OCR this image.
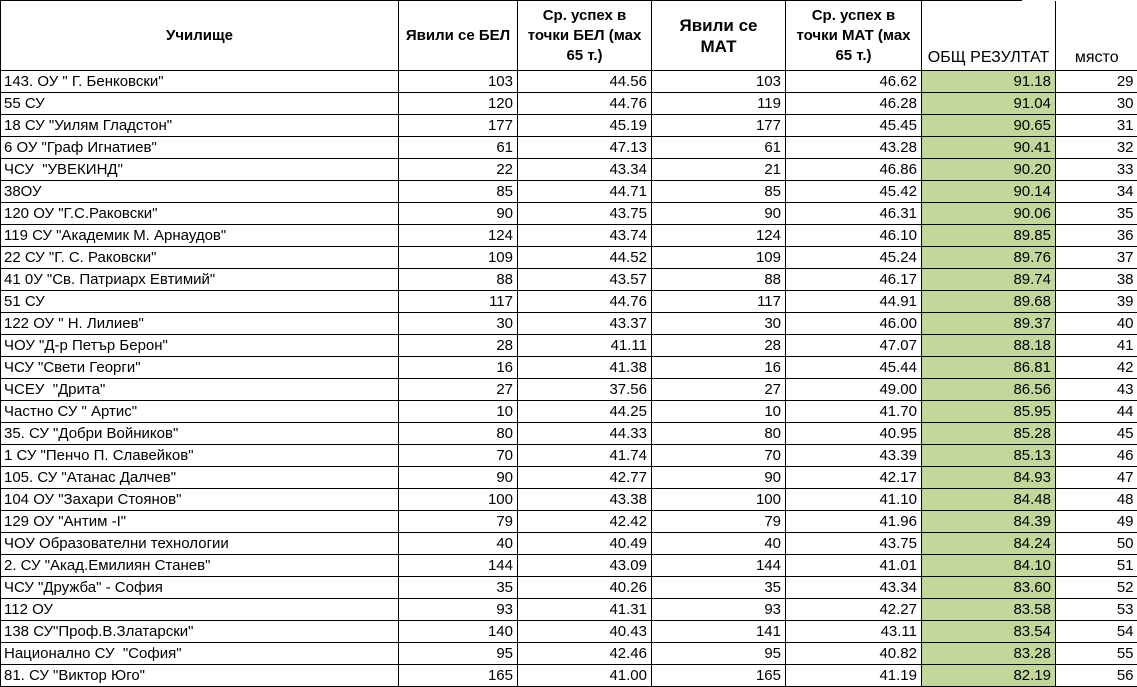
Училище	Явили се БЕЛ	Ср. успех в точки БЕЛ (мах 65 т.)	Явили се МАТ	Ср. успех в точки МАТ (мах 65 т.)	ОБЩ РЕЗУЛТАТ	място
143. ОУ " Г. Бенковски"	103	44.56	103	46.62	91.18	29
55 СУ	120	44.76	119	46.28	91.04	30
18 СУ "Уилям Гладстон"	177	45.19	177	45.45	90.65	31
6 ОУ "Граф Игнатиев"	61	47.13	61	43.28	90.41	32
ЧСУ  "УВЕКИНД"	22	43.34	21	46.86	90.20	33
38ОУ	85	44.71	85	45.42	90.14	34
120 ОУ "Г.С.Раковски"	90	43.75	90	46.31	90.06	35
119 СУ "Академик М. Арнаудов"	124	43.74	124	46.10	89.85	36
22 СУ "Г. С. Раковски"	109	44.52	109	45.24	89.76	37
41 0У "Св. Патриарх Евтимий"	88	43.57	88	46.17	89.74	38
51 СУ	117	44.76	117	44.91	89.68	39
122 ОУ " Н. Лилиев"	30	43.37	30	46.00	89.37	40
ЧОУ "Д-р Петър Берон"	28	41.11	28	47.07	88.18	41
ЧСУ "Свети Георги"	16	41.38	16	45.44	86.81	42
ЧСЕУ  "Дрита"	27	37.56	27	49.00	86.56	43
Частно СУ " Артис"	10	44.25	10	41.70	85.95	44
35. СУ "Добри Войников"	80	44.33	80	40.95	85.28	45
1 СУ "Пенчо П. Славейков"	70	41.74	70	43.39	85.13	46
105. СУ "Атанас Далчев"	90	42.77	90	42.17	84.93	47
104 ОУ "Захари Стоянов"	100	43.38	100	41.10	84.48	48
129 ОУ "Антим -I"	79	42.42	79	41.96	84.39	49
ЧОУ Образователни технологии	40	40.49	40	43.75	84.24	50
2. СУ "Акад.Емилиян Станев"	144	43.09	144	41.01	84.10	51
ЧСУ "Дружба" - София	35	40.26	35	43.34	83.60	52
112 ОУ	93	41.31	93	42.27	83.58	53
138 СУ"Проф.В.Златарски"	140	40.43	141	43.11	83.54	54
Национално СУ  "София"	95	42.46	95	40.82	83.28	55
81. СУ "Виктор Юго"	165	41.00	165	41.19	82.19	56
